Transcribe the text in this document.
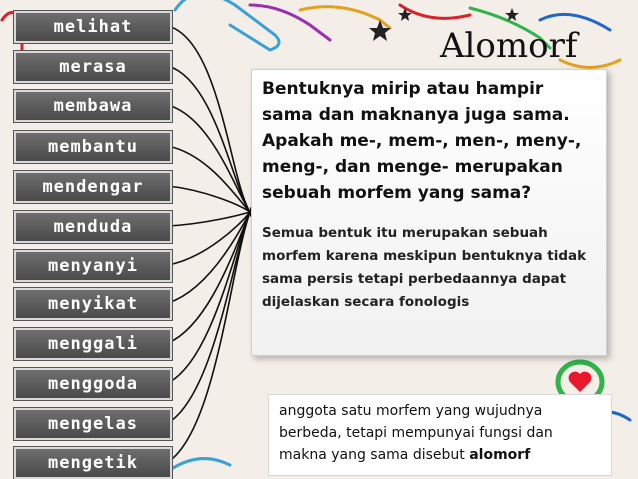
melihat
merasa
membawa
membantu
mendengar
menduda
menyanyi
menyikat
menggali
menggoda
mengelas
mengetik
Alomorf

Bentuknya mirip atau hampir sama dan maknanya juga sama. Apakah me-, mem-, men-, meny-, meng-, dan menge- merupakan sebuah morfem yang sama?

Semua bentuk itu merupakan sebuah morfem karena meskipun bentuknya tidak sama persis tetapi perbedaannya dapat dijelaskan secara fonologis

anggota satu morfem yang wujudnya berbeda, tetapi mempunyai fungsi dan makna yang sama disebut alomorf
